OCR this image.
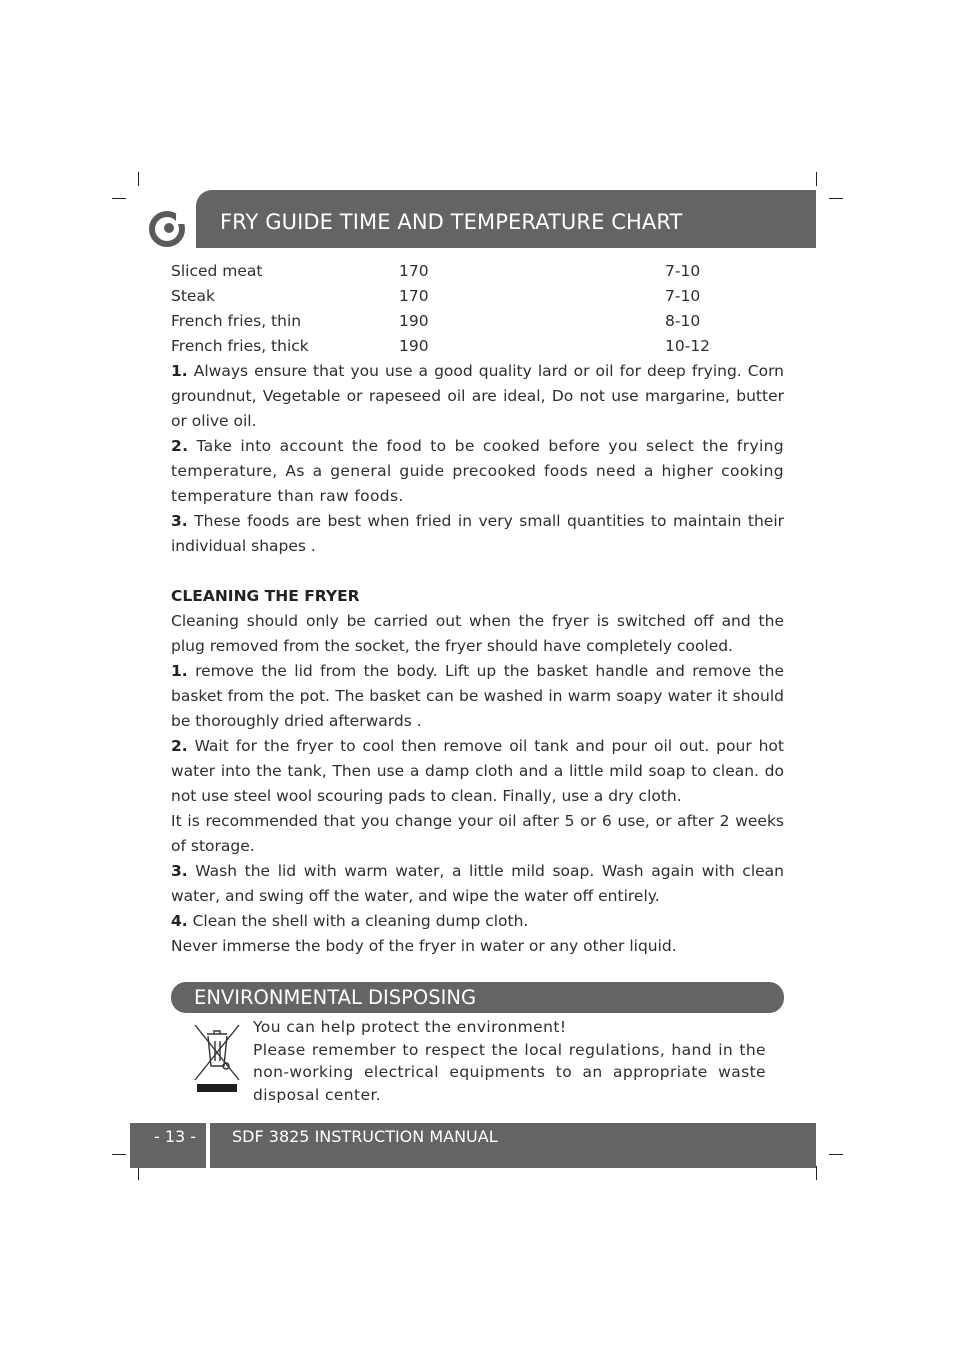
FRY GUIDE TIME AND TEMPERATURE CHART
Sliced meat	170	7-10
Steak	170	7-10
French fries, thin	190	8-10
French fries, thick	190	10-12

1. Always ensure that you use a good quality lard or oil for deep frying. Corn groundnut, Vegetable or rapeseed oil are ideal, Do not use margarine, butter or olive oil.

2. Take into account the food to be cooked before you select the frying temperature, As a general guide precooked foods need a higher cooking temperature than raw foods.

3. These foods are best when fried in very small quantities to maintain their individual shapes .

CLEANING THE FRYER

Cleaning should only be carried out when the fryer is switched off and the plug removed from the socket, the fryer should have completely cooled.

1. remove the lid from the body. Lift up the basket handle and remove the basket from the pot. The basket can be washed in warm soapy water it should be thoroughly dried afterwards .

2. Wait for the fryer to cool then remove oil tank and pour oil out. pour hot water into the tank, Then use a damp cloth and a little mild soap to clean. do not use steel wool scouring pads to clean. Finally, use a dry cloth.

It is recommended that you change your oil after 5 or 6 use, or after 2 weeks of storage.

3. Wash the lid with warm water, a little mild soap. Wash again with clean water, and swing off the water, and wipe the water off entirely.

4. Clean the shell with a cleaning dump cloth.

Never immerse the body of the fryer in water or any other liquid.

ENVIRONMENTAL DISPOSING

You can help protect the environment!

Please remember to respect the local regulations, hand in the non-working electrical equipments to an appropriate waste disposal center.

- 13 - SDF 3825 INSTRUCTION MANUAL
